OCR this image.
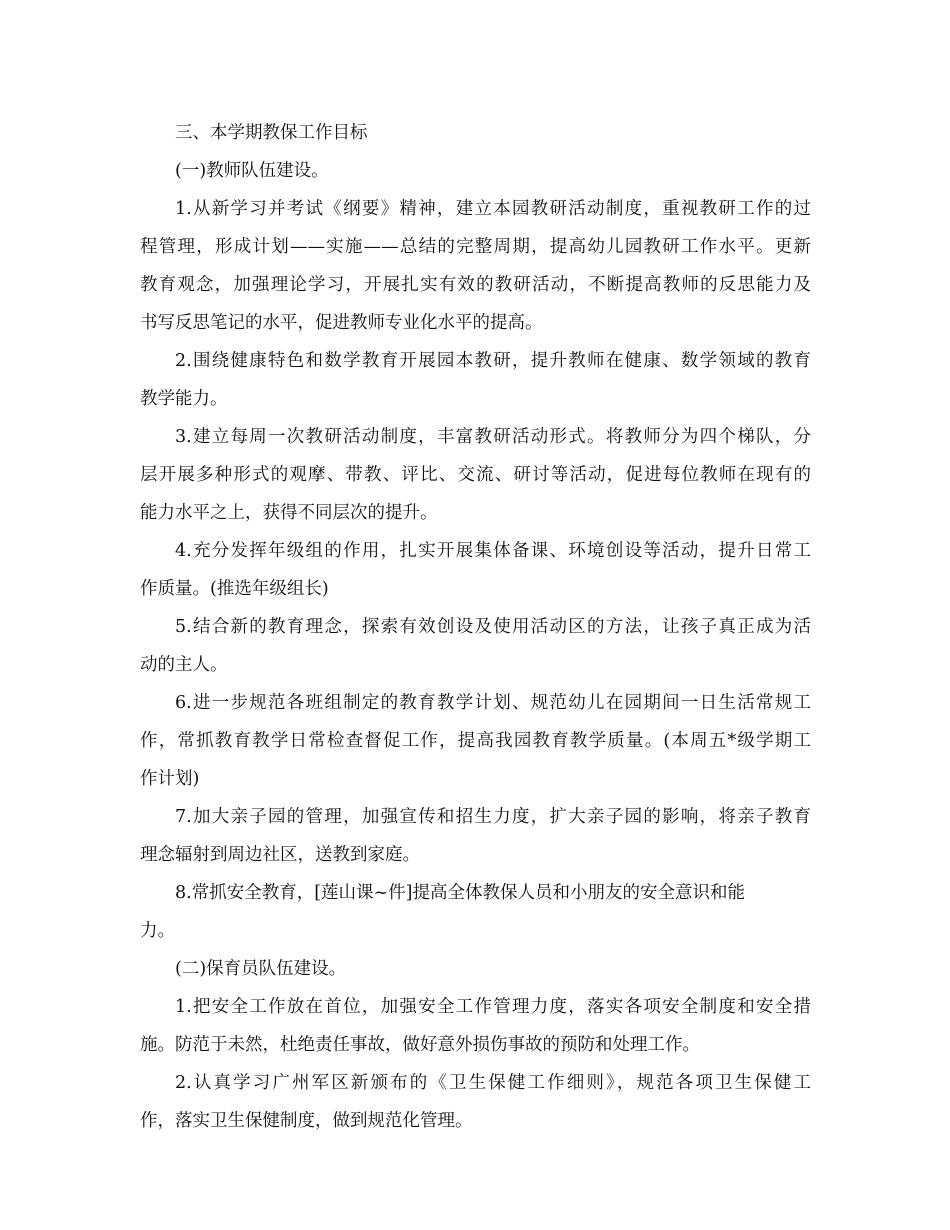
三、本学期教保工作目标
(一)教师队伍建设。
1.从新学习并考试《纲要》精神，建立本园教研活动制度，重视教研工作的过
程管理，形成计划——实施——总结的完整周期，提高幼儿园教研工作水平。更新
教育观念，加强理论学习，开展扎实有效的教研活动，不断提高教师的反思能力及
书写反思笔记的水平，促进教师专业化水平的提高。
2.围绕健康特色和数学教育开展园本教研，提升教师在健康、数学领域的教育
教学能力。
3.建立每周一次教研活动制度，丰富教研活动形式。将教师分为四个梯队，分
层开展多种形式的观摩、带教、评比、交流、研讨等活动，促进每位教师在现有的
能力水平之上，获得不同层次的提升。
4.充分发挥年级组的作用，扎实开展集体备课、环境创设等活动，提升日常工
作质量。(推选年级组长)
5.结合新的教育理念，探索有效创设及使用活动区的方法，让孩子真正成为活
动的主人。
6.进一步规范各班组制定的教育教学计划、规范幼儿在园期间一日生活常规工
作，常抓教育教学日常检查督促工作，提高我园教育教学质量。(本周五*级学期工
作计划)
7.加大亲子园的管理，加强宣传和招生力度，扩大亲子园的影响，将亲子教育
理念辐射到周边社区，送教到家庭。
8.常抓安全教育，[莲山课~件]提高全体教保人员和小朋友的安全意识和能
力。
(二)保育员队伍建设。
1.把安全工作放在首位，加强安全工作管理力度，落实各项安全制度和安全措
施。防范于未然，杜绝责任事故，做好意外损伤事故的预防和处理工作。
2.认真学习广州军区新颁布的《卫生保健工作细则》，规范各项卫生保健工
作，落实卫生保健制度，做到规范化管理。
